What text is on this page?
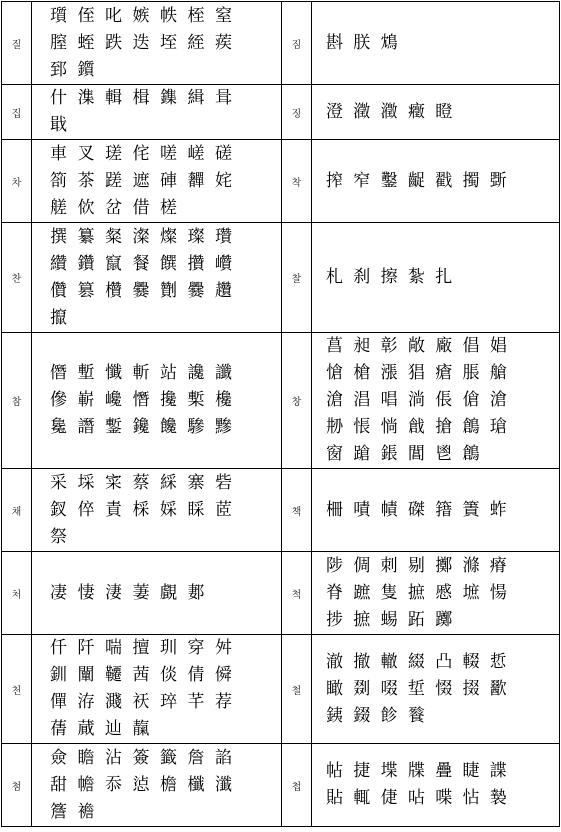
질	瓆 侄 叱 嫉 帙 桎 窒
膣 蛭 跌 迭 垤 絰 蒺
郅 鑕	짐	斟 朕 鴆

집	什 潗 輯 楫 鏶 緝 咠
戢	징	澄 瀓 瀓 癥 瞪

차	車 叉 瑳 侘 嗟 嵯 磋
箚 茶 蹉 遮 硨 奲 姹
艖 佽 岔 借 槎	착	搾 窄 鑿 齪 戳 擉 斲

찬	撰 纂 粲 澯 燦 璨 瓚
纘 鑽 竄 餐 饌 攢 巑
儹 篡 欑 爨 劗 爨 趲
攛	찰	札 刹 擦 紮 扎

참	僭 塹 懺 斬 站 讒 讖
傪 嶄 巉 憯 攙 槧 欃
毚 譖 鏨 鑱 饞 驂 黲	창	菖 昶 彰 敞 廠 倡 娼
愴 槍 漲 猖 瘡 脹 艙
滄 淐 唱 淌 倀 傖 滄
刱 悵 惝 戧 搶 鶬 瑲
窗 蹌 鋹 閶 鬯 鶬

채	采 埰 寀 蔡 綵 寨 砦
釵 倅 責 棌 婇 睬 茝
祭	책	柵 嘖 幘 磔 簎 簀 蚱

처	凄 悽 淒 萋 覰 郪	척	陟 倜 刺 剔 擲 滌 瘠
脊 蹠 隻 摭 慼 墌 愓
捗 摭 蜴 跖 躑

천	仟 阡 喘 擅 玔 穿 舛
釧 闡 韆 茜 倓 倩 僢
僤 洊 濺 祆 琗 芊 荐
蒨 蕆 辿 靝	철	澈 撤 轍 綴 凸 輟 悊
瞰 剟 啜 埑 惙 掇 歠
銕 錣 飻 餮

첨	僉 瞻 沾 簽 籤 詹 諂
甜 幨 忝 惉 檐 櫼 瀸
簷 襜	첩	帖 捷 堞 牒 疊 睫 諜
貼 輒 倢 呫 喋 怗 褺
